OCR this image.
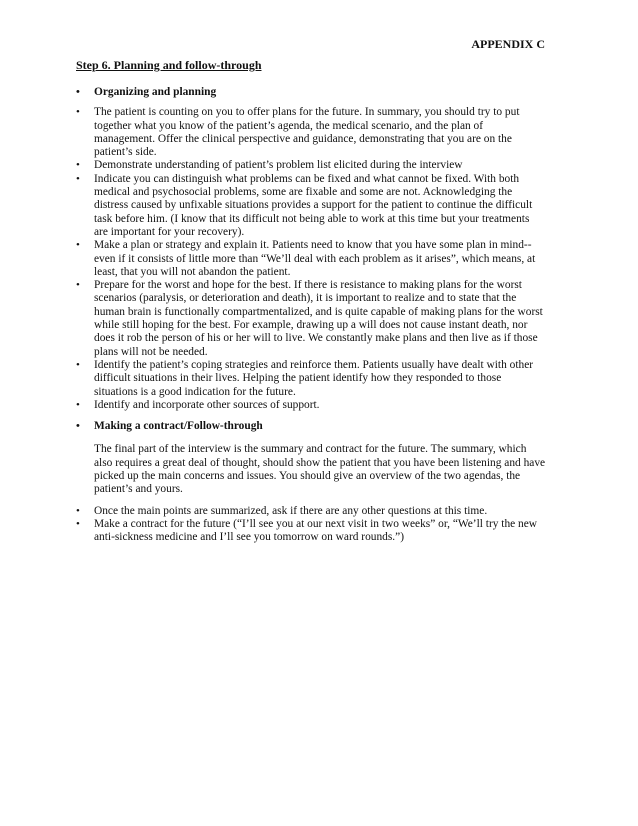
APPENDIX C
Step 6. Planning and follow-through
• Organizing and planning
• The patient is counting on you to offer plans for the future. In summary, you should try to put together what you know of the patient’s agenda, the medical scenario, and the plan of management. Offer the clinical perspective and guidance, demonstrating that you are on the patient’s side.
• Demonstrate understanding of patient’s problem list elicited during the interview
• Indicate you can distinguish what problems can be fixed and what cannot be fixed. With both medical and psychosocial problems, some are fixable and some are not. Acknowledging the distress caused by unfixable situations provides a support for the patient to continue the difficult task before him. (I know that its difficult not being able to work at this time but your treatments are important for your recovery).
• Make a plan or strategy and explain it. Patients need to know that you have some plan in mind--even if it consists of little more than “We’ll deal with each problem as it arises”, which means, at least, that you will not abandon the patient.
• Prepare for the worst and hope for the best. If there is resistance to making plans for the worst scenarios (paralysis, or deterioration and death), it is important to realize and to state that the human brain is functionally compartmentalized, and is quite capable of making plans for the worst while still hoping for the best. For example, drawing up a will does not cause instant death, nor does it rob the person of his or her will to live. We constantly make plans and then live as if those plans will not be needed.
• Identify the patient’s coping strategies and reinforce them. Patients usually have dealt with other difficult situations in their lives. Helping the patient identify how they responded to those situations is a good indication for the future.
• Identify and incorporate other sources of support.
• Making a contract/Follow-through
The final part of the interview is the summary and contract for the future. The summary, which also requires a great deal of thought, should show the patient that you have been listening and have picked up the main concerns and issues. You should give an overview of the two agendas, the patient’s and yours.
• Once the main points are summarized, ask if there are any other questions at this time.
• Make a contract for the future (“I’ll see you at our next visit in two weeks” or, “We’ll try the new anti-sickness medicine and I’ll see you tomorrow on ward rounds.”)
